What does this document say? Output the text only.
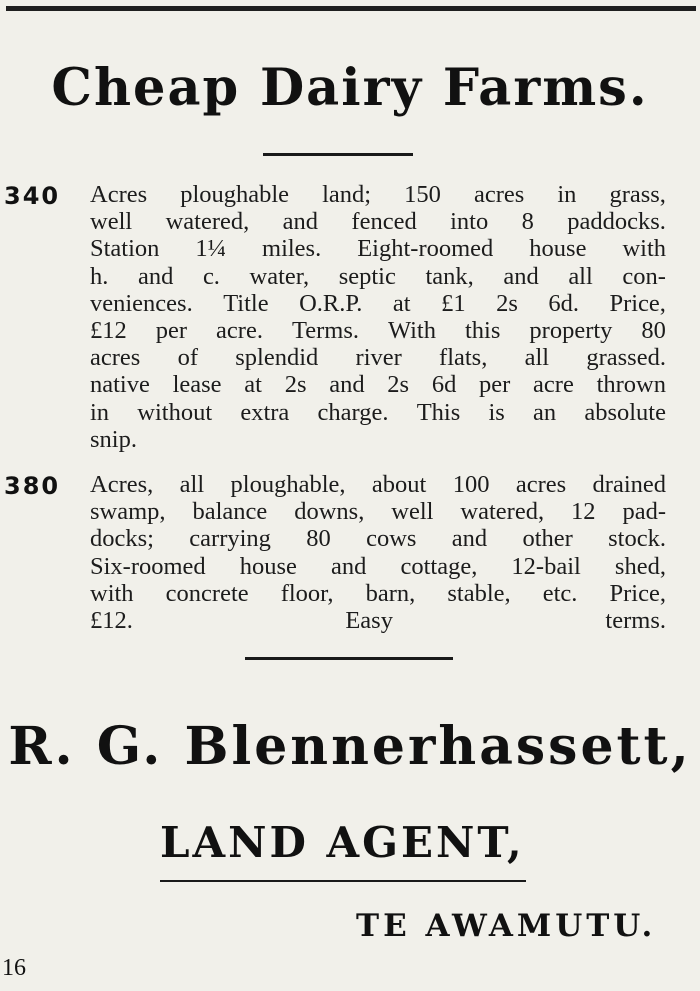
Cheap Dairy Farms.
340 Acres ploughable land; 150 acres in grass,
well watered, and fenced into 8 paddocks.
Station 1¼ miles. Eight-roomed house with
h. and c. water, septic tank, and all con-
veniences. Title O.R.P. at £1 2s 6d. Price,
£12 per acre. Terms. With this property 80
acres of splendid river flats, all grassed.
native lease at 2s and 2s 6d per acre thrown
in without extra charge. This is an absolute
snip.
380 Acres, all ploughable, about 100 acres drained
swamp, balance downs, well watered, 12 pad-
docks; carrying 80 cows and other stock.
Six-roomed house and cottage, 12-bail shed,
with concrete floor, barn, stable, etc. Price,
£12. Easy terms.
R. G. Blennerhassett,
LAND AGENT,
TE AWAMUTU.
16
